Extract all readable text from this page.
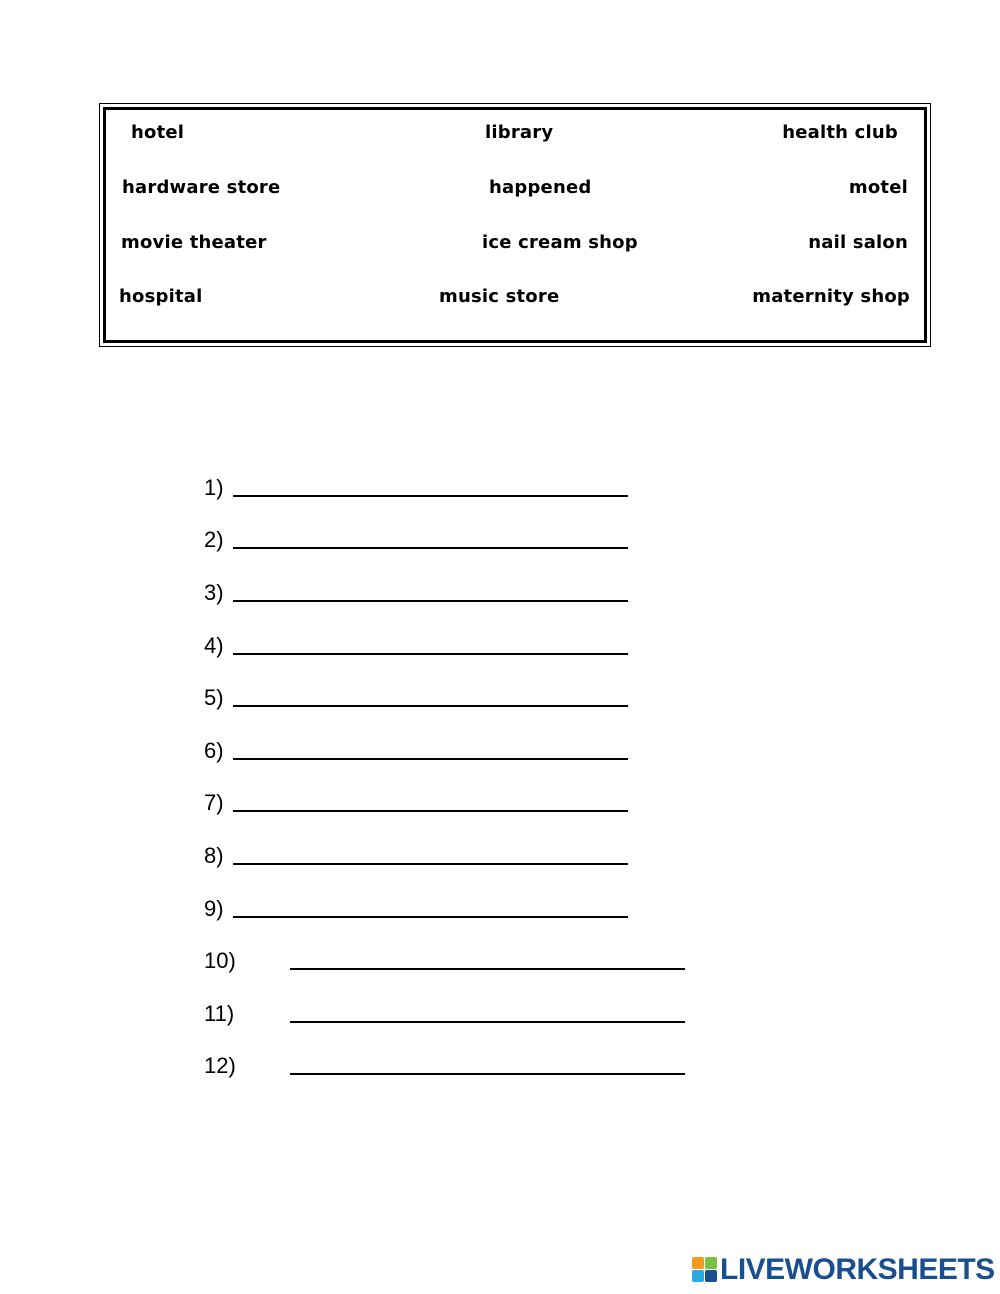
hotel	library	health club
hardware store	happened	motel
movie theater	ice cream shop	nail salon
hospital	music store	maternity shop
1)
2)
3)
4)
5)
6)
7)
8)
9)
10)
11)
12)
LIVEWORKSHEETS
